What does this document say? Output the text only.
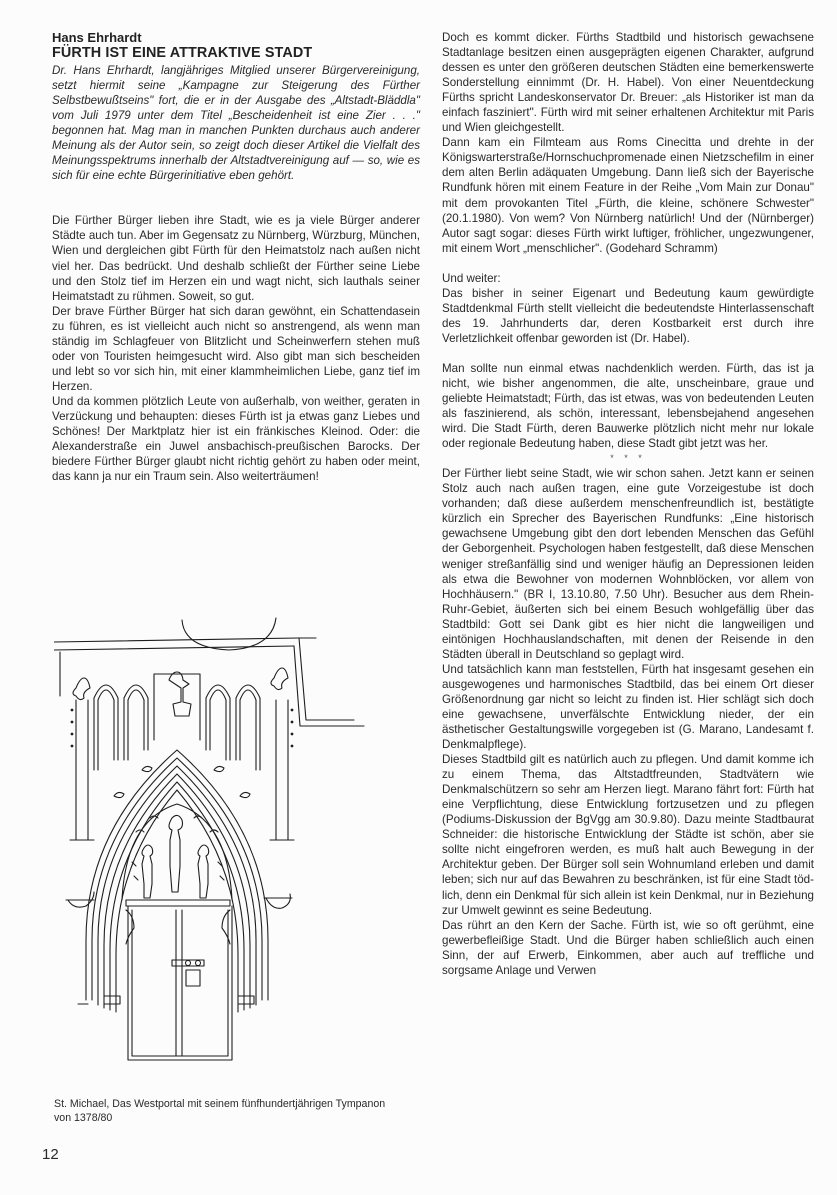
Hans Ehrhardt
FÜRTH IST EINE ATTRAKTIVE STADT

Dr. Hans Ehrhardt, langjähriges Mitglied unserer Bürgervereinigung, setzt hiermit seine „Kampagne zur Steigerung des Fürther Selbstbewußtseins" fort, die er in der Ausgabe des „Altstadt-Bläddla" vom Juli 1979 unter dem Titel „Bescheidenheit ist eine Zier . . ." begonnen hat. Mag man in manchen Punkten durchaus auch anderer Meinung als der Autor sein, so zeigt doch dieser Artikel die Vielfalt des Meinungsspektrums innerhalb der Altstadtvereinigung auf — so, wie es sich für eine echte Bürgerinitiative eben gehört.

Die Fürther Bürger lieben ihre Stadt, wie es ja viele Bürger anderer Städte auch tun. Aber im Gegensatz zu Nürnberg, Würzburg, München, Wien und dergleichen gibt Fürth für den Heimatstolz nach außen nicht viel her. Das bedrückt. Und deshalb schließt der Fürther seine Liebe und den Stolz tief im Herzen ein und wagt nicht, sich lauthals seiner Heimatstadt zu rühmen. Soweit, so gut.

Der brave Fürther Bürger hat sich daran gewöhnt, ein Schattendasein zu führen, es ist vielleicht auch nicht so anstrengend, als wenn man ständig im Schlagfeuer von Blitzlicht und Scheinwerfern stehen muß oder von Touristen heimgesucht wird. Also gibt man sich bescheiden und lebt so vor sich hin, mit einer klammheimlichen Liebe, ganz tief im Herzen.

Und da kommen plötzlich Leute von außerhalb, von weither, geraten in Verzückung und behaupten: dieses Fürth ist ja etwas ganz Liebes und Schönes! Der Marktplatz hier ist ein fränkisches Kleinod. Oder: die Alexanderstraße ein Juwel ansbachisch-preußischen Barocks. Der biedere Fürther Bürger glaubt nicht richtig gehört zu haben oder meint, das kann ja nur ein Traum sein. Also weiterträumen!

St. Michael, Das Westportal mit seinem fünfhundertjährigen Tympanon von 1378/80
12

Doch es kommt dicker. Fürths Stadtbild und historisch gewachsene Stadtanlage besitzen einen ausgeprägten eigenen Charakter, aufgrund dessen es unter den größeren deutschen Städten eine bemerkenswerte Sonderstellung einnimmt (Dr. H. Habel). Von einer Neuentdeckung Fürths spricht Landeskonservator Dr. Breuer: „als Historiker ist man da einfach fasziniert". Fürth wird mit seiner erhaltenen Architektur mit Paris und Wien gleichgestellt.

Dann kam ein Filmteam aus Roms Cinecitta und drehte in der Königswarterstraße/Hornschuchpromenade einen Nietzschefilm in einer dem alten Berlin adäquaten Umgebung. Dann ließ sich der Bayerische Rundfunk hören mit einem Feature in der Reihe „Vom Main zur Donau" mit dem provokanten Titel „Fürth, die kleine, schönere Schwester" (20.1.1980). Von wem? Von Nürnberg natürlich! Und der (Nürnberger) Autor sagt sogar: dieses Fürth wirkt luftiger, fröhlicher, ungezwungener, mit einem Wort „menschlicher". (Godehard Schramm)

Und weiter:

Das bisher in seiner Eigenart und Bedeutung kaum gewürdigte Stadtdenkmal Fürth stellt vielleicht die bedeutendste Hinterlassenschaft des 19. Jahrhunderts dar, deren Kostbarkeit erst durch ihre Verletzlichkeit offenbar geworden ist (Dr. Habel).

Man sollte nun einmal etwas nachdenklich werden. Fürth, das ist ja nicht, wie bisher angenommen, die alte, unscheinbare, graue und geliebte Heimatstadt; Fürth, das ist etwas, was von bedeutenden Leuten als faszinierend, als schön, interessant, lebensbejahend angesehen wird. Die Stadt Fürth, deren Bauwerke plötzlich nicht mehr nur lokale oder regionale Bedeutung haben, diese Stadt gibt jetzt was her.

* * *

Der Fürther liebt seine Stadt, wie wir schon sahen. Jetzt kann er seinen Stolz auch nach außen tragen, eine gute Vorzeigestube ist doch vorhanden; daß diese außerdem menschenfreundlich ist, bestätigte kürzlich ein Sprecher des Bayerischen Rundfunks: „Eine historisch gewachsene Umgebung gibt den dort lebenden Menschen das Gefühl der Geborgenheit. Psychologen haben festgestellt, daß diese Menschen weniger streßanfällig sind und weniger häufig an Depressionen leiden als etwa die Bewohner von modernen Wohnblöcken, vor allem von Hochhäusern." (BR I, 13.10.80, 7.50 Uhr). Besucher aus dem Rhein-Ruhr-Gebiet, äußerten sich bei einem Besuch wohlgefällig über das Stadtbild: Gott sei Dank gibt es hier nicht die langweiligen und eintönigen Hochhauslandschaften, mit denen der Reisende in den Städten überall in Deutschland so geplagt wird.

Und tatsächlich kann man feststellen, Fürth hat insgesamt gesehen ein ausgewogenes und harmonisches Stadtbild, das bei einem Ort dieser Größenordnung gar nicht so leicht zu finden ist. Hier schlägt sich doch eine gewachsene, unverfälschte Entwicklung nieder, der ein ästhetischer Gestaltungswille vorgegeben ist (G. Marano, Landesamt f. Denkmalpflege).

Dieses Stadtbild gilt es natürlich auch zu pflegen. Und damit komme ich zu einem Thema, das Altstadtfreunden, Stadtvätern wie Denkmalschützern so sehr am Herzen liegt. Marano fährt fort: Fürth hat eine Verpflichtung, diese Entwicklung fortzusetzen und zu pflegen (Podiums-Diskussion der BgVgg am 30.9.80). Dazu meinte Stadtbaurat Schneider: die historische Entwicklung der Städte ist schön, aber sie sollte nicht eingefroren werden, es muß halt auch Bewegung in der Architektur geben. Der Bürger soll sein Wohnumland erleben und damit leben; sich nur auf das Bewahren zu beschränken, ist für eine Stadt tödlich, denn ein Denkmal für sich allein ist kein Denkmal, nur in Beziehung zur Umwelt gewinnt es seine Bedeutung.

Das rührt an den Kern der Sache. Fürth ist, wie so oft gerühmt, eine gewerbefleißige Stadt. Und die Bürger haben schließlich auch einen Sinn, der auf Erwerb, Einkommen, aber auch auf treffliche und sorgsame Anlage und Verwen
